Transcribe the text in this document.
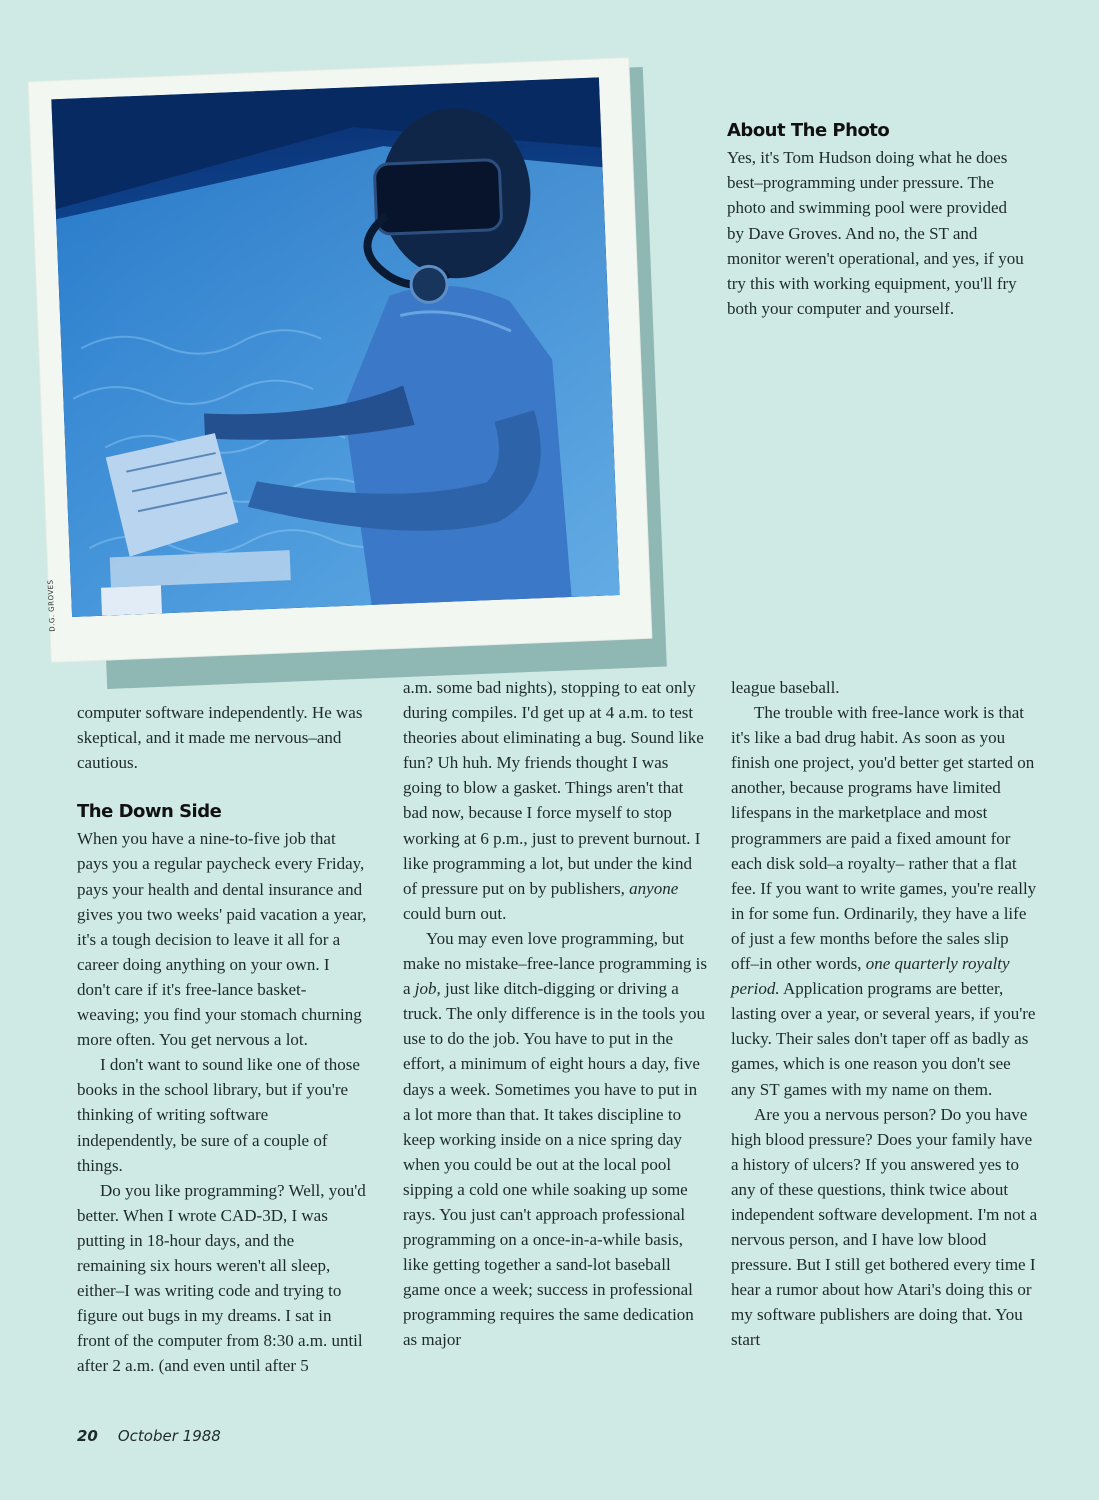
D.G. GROVES
About The Photo

Yes, it's Tom Hudson doing what he does best–programming under pressure. The photo and swimming pool were provided by Dave Groves. And no, the ST and monitor weren't operational, and yes, if you try this with working equipment, you'll fry both your computer and yourself.

computer software independently. He was skeptical, and it made me nervous–and cautious.

The Down Side

When you have a nine-to-five job that pays you a regular paycheck every Friday, pays your health and dental insurance and gives you two weeks' paid vacation a year, it's a tough decision to leave it all for a career doing anything on your own. I don't care if it's free-lance basket-weaving; you find your stomach churning more often. You get nervous a lot.

I don't want to sound like one of those books in the school library, but if you're thinking of writing software independently, be sure of a couple of things.

Do you like programming? Well, you'd better. When I wrote CAD-3D, I was putting in 18-hour days, and the remaining six hours weren't all sleep, either–I was writing code and trying to figure out bugs in my dreams. I sat in front of the computer from 8:30 a.m. until after 2 a.m. (and even until after 5

a.m. some bad nights), stopping to eat only during compiles. I'd get up at 4 a.m. to test theories about eliminating a bug. Sound like fun? Uh huh. My friends thought I was going to blow a gasket. Things aren't that bad now, because I force myself to stop working at 6 p.m., just to prevent burnout. I like programming a lot, but under the kind of pressure put on by publishers, anyone could burn out.

You may even love programming, but make no mistake–free-lance programming is a job, just like ditch-digging or driving a truck. The only difference is in the tools you use to do the job. You have to put in the effort, a minimum of eight hours a day, five days a week. Sometimes you have to put in a lot more than that. It takes discipline to keep working inside on a nice spring day when you could be out at the local pool sipping a cold one while soaking up some rays. You just can't approach professional programming on a once-in-a-while basis, like getting together a sand-lot baseball game once a week; success in professional programming requires the same dedication as major

league baseball.

The trouble with free-lance work is that it's like a bad drug habit. As soon as you finish one project, you'd better get started on another, because programs have limited lifespans in the marketplace and most programmers are paid a fixed amount for each disk sold–a royalty– rather that a flat fee. If you want to write games, you're really in for some fun. Ordinarily, they have a life of just a few months before the sales slip off–in other words, one quarterly royalty period. Application programs are better, lasting over a year, or several years, if you're lucky. Their sales don't taper off as badly as games, which is one reason you don't see any ST games with my name on them.

Are you a nervous person? Do you have high blood pressure? Does your family have a history of ulcers? If you answered yes to any of these questions, think twice about independent software development. I'm not a nervous person, and I have low blood pressure. But I still get bothered every time I hear a rumor about how Atari's doing this or my software publishers are doing that. You start

20 October 1988
